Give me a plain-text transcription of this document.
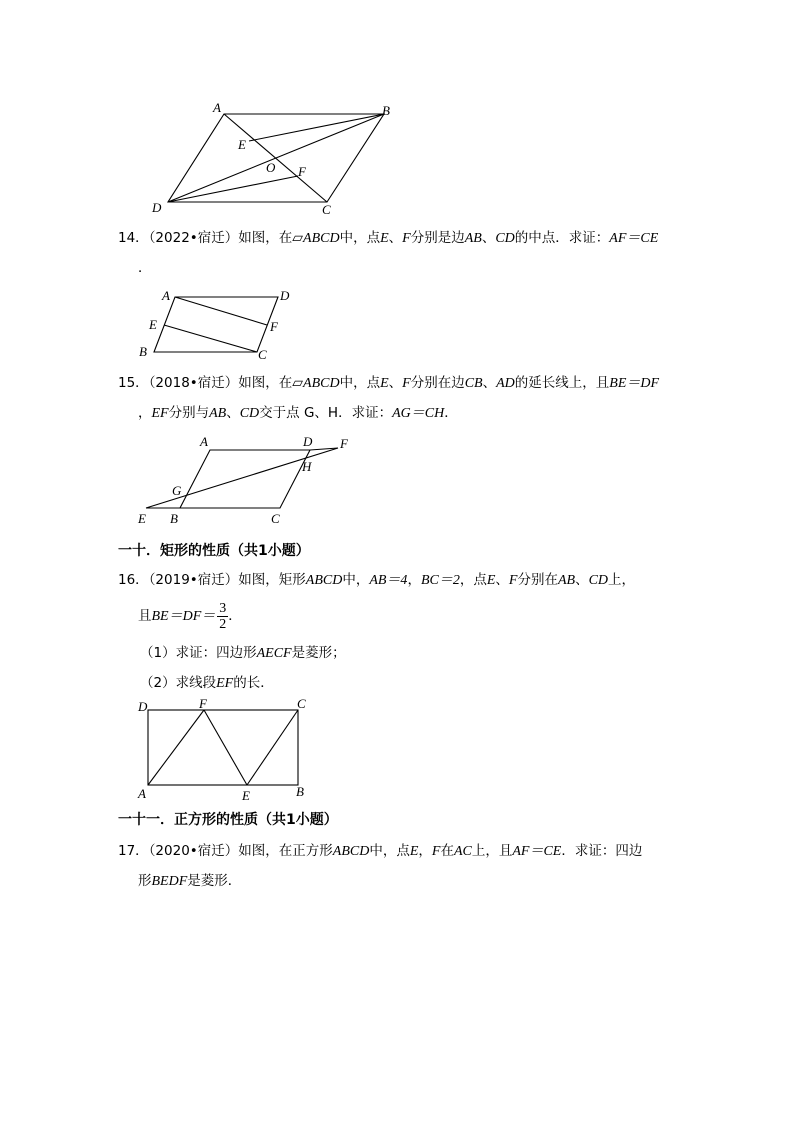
A	B
E
O F
D	C
14．（2022•宿迁）如图，在▱ABCD中，点E、F分别是边AB、CD的中点．求证：AF＝CE
．
A	D
E	F
B	C
15．（2018•宿迁）如图，在▱ABCD中，点E、F分别在边CB、AD的延长线上，且BE＝DF
，EF分别与AB、CD交于点 G、H．求证：AG＝CH．
A	D F
H
G
E B	C
一十．矩形的性质（共1小题）
16．（2019•宿迁）如图，矩形ABCD中，AB＝4，BC＝2，点E、F分别在AB、CD上，
且$BE=DF= \frac{3}{2}$ ．
（1）求证：四边形AECF是菱形；
（2）求线段EF的长．
D	F	C
A	E	B
一十一．正方形的性质（共1小题）
17．（2020•宿迁）如图，在正方形ABCD中，点E，F在AC上，且AF＝CE．求证：四边
形BEDF是菱形．
